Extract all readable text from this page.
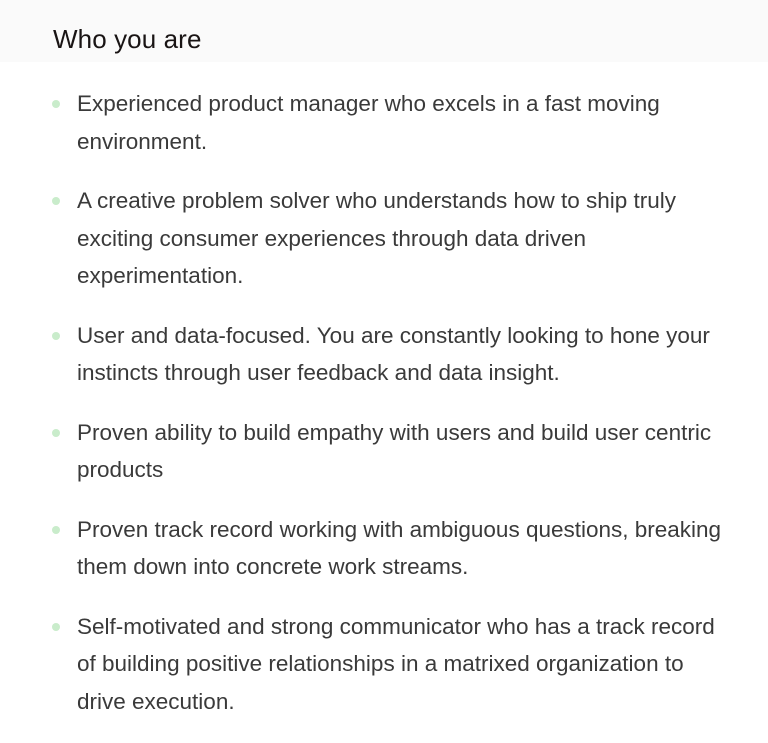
Who you are
Experienced product manager who excels in a fast moving environment.
A creative problem solver who understands how to ship truly exciting consumer experiences through data driven experimentation.
User and data-focused. You are constantly looking to hone your instincts through user feedback and data insight.
Proven ability to build empathy with users and build user centric products
Proven track record working with ambiguous questions, breaking them down into concrete work streams.
Self-motivated and strong communicator who has a track record of building positive relationships in a matrixed organization to drive execution.
